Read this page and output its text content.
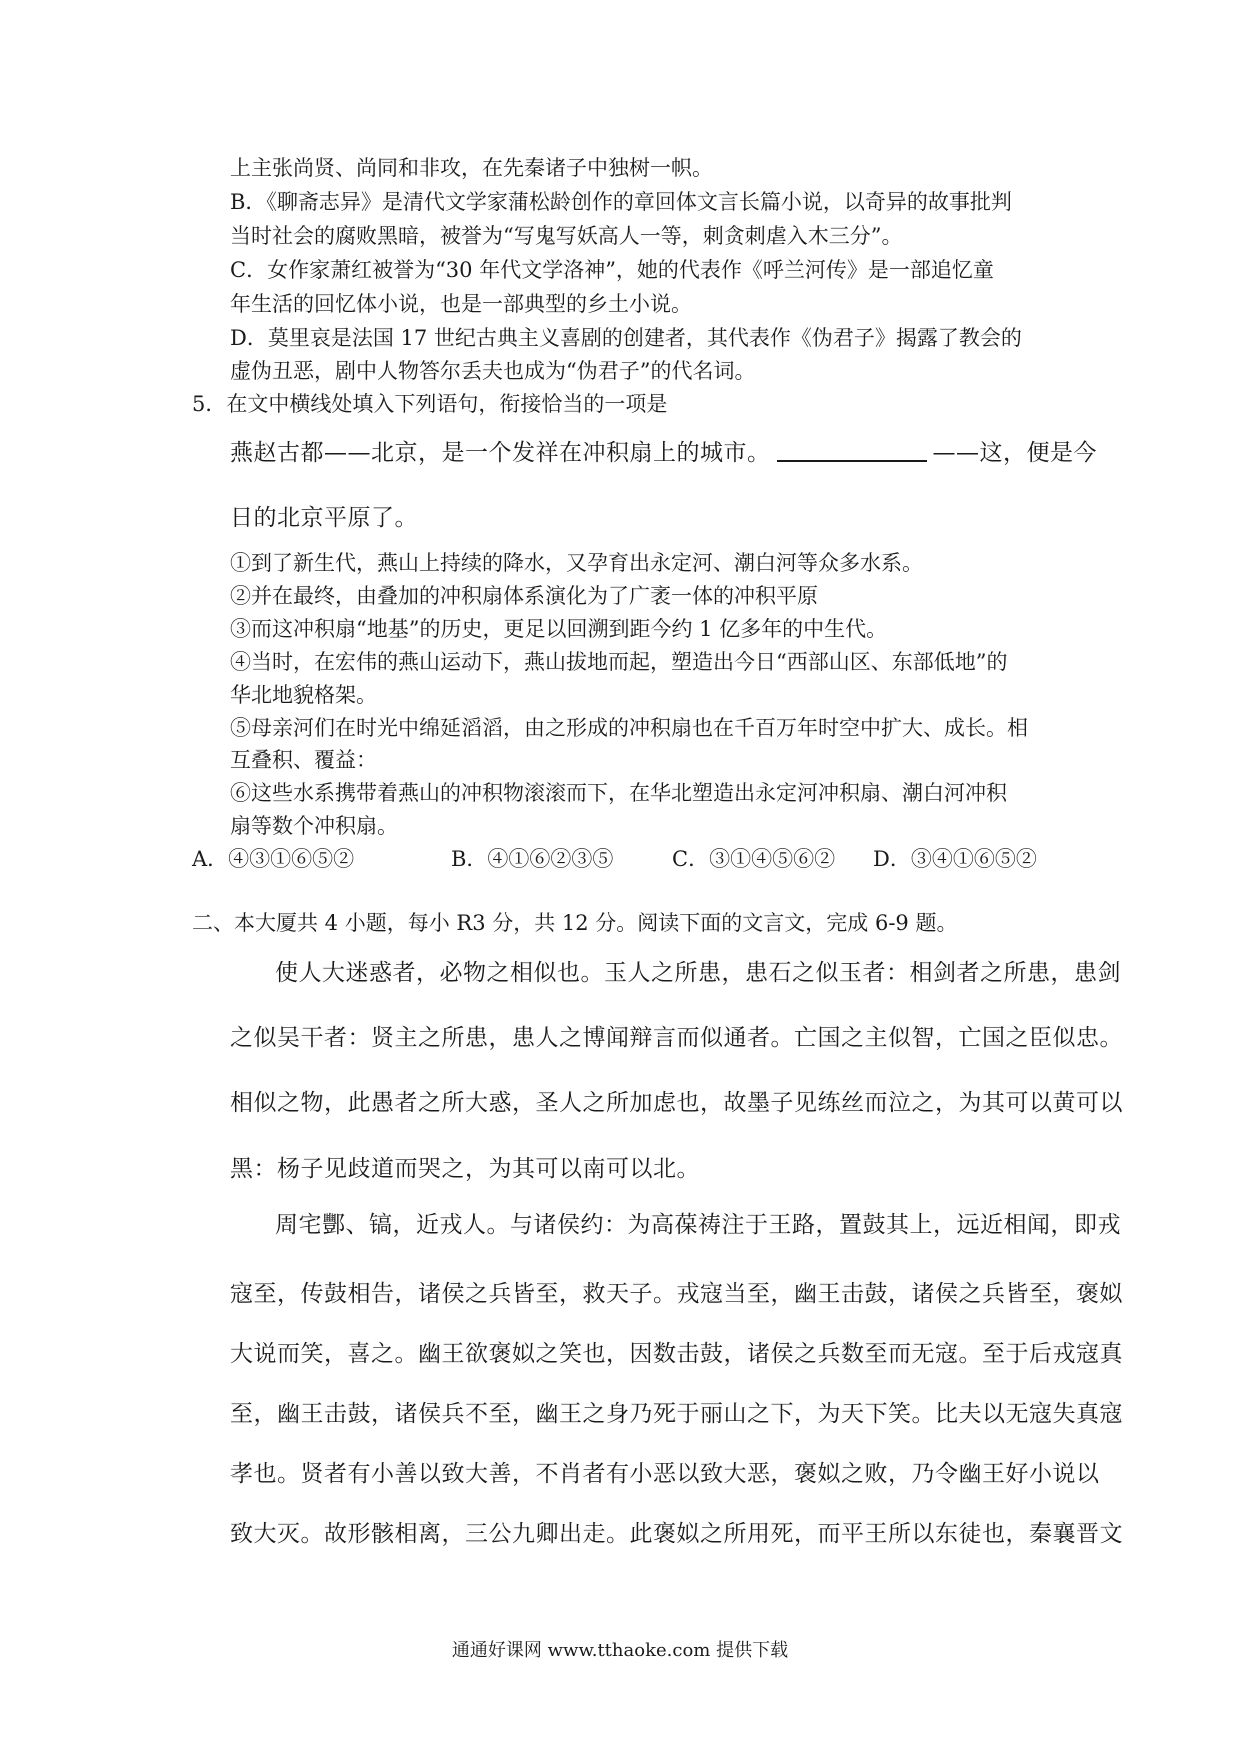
上主张尚贤、尚同和非攻，在先秦诸子中独树一帜。
B．《聊斋志异》是清代文学家蒲松龄创作的章回体文言长篇小说，以奇异的故事批判
当时社会的腐败黑暗，被誉为“写鬼写妖高人一等，刺贪刺虐入木三分”。
C．女作家萧红被誉为“30 年代文学洛神”，她的代表作《呼兰河传》是一部追忆童
年生活的回忆体小说，也是一部典型的乡土小说。
D．莫里哀是法国 17 世纪古典主义喜剧的创建者，其代表作《伪君子》揭露了教会的
虚伪丑恶，剧中人物答尔丢夫也成为“伪君子”的代名词。
5．在文中横线处填入下列语句，衔接恰当的一项是
燕赵古都——北京，是一个发祥在冲积扇上的城市。	——这，便是今
日的北京平原了。
①到了新生代，燕山上持续的降水，又孕育出永定河、潮白河等众多水系。
②并在最终，由叠加的冲积扇体系演化为了广袤一体的冲积平原
③而这冲积扇“地基”的历史，更足以回溯到距今约 1 亿多年的中生代。
④当时，在宏伟的燕山运动下，燕山拔地而起，塑造出今日“西部山区、东部低地”的
华北地貌格架。
⑤母亲河们在时光中绵延滔滔，由之形成的冲积扇也在千百万年时空中扩大、成长。相
互叠积、覆益：
⑥这些水系携带着燕山的冲积物滚滚而下，在华北塑造出永定河冲积扇、潮白河冲积
扇等数个冲积扇。
A．④③①⑥⑤②	B．④①⑥②③⑤	C．③①④⑤⑥② D．③④①⑥⑤②
二、本大厦共 4 小题，每小 R3 分，共 12 分。阅读下面的文言文，完成 6-9 题。
使人大迷惑者，必物之相似也。玉人之所患，患石之似玉者：相剑者之所患，患剑
之似吴干者：贤主之所患，患人之博闻辩言而似通者。亡国之主似智，亡国之臣似忠。
相似之物，此愚者之所大惑，圣人之所加虑也，故墨子见练丝而泣之，为其可以黄可以
黑：杨子见歧道而哭之，为其可以南可以北。
周宅酆、镐，近戎人。与诸侯约：为高葆祷注于王路，置鼓其上，远近相闻，即戎
寇至，传鼓相告，诸侯之兵皆至，救天子。戎寇当至，幽王击鼓，诸侯之兵皆至，褒姒
大说而笑，喜之。幽王欲褒姒之笑也，因数击鼓，诸侯之兵数至而无寇。至于后戎寇真
至，幽王击鼓，诸侯兵不至，幽王之身乃死于丽山之下，为天下笑。比夫以无寇失真寇
孝也。贤者有小善以致大善，不肖者有小恶以致大恶，褒姒之败，乃令幽王好小说以
致大灭。故形骸相离，三公九卿出走。此褒姒之所用死，而平王所以东徒也，秦襄晋文
通通好课网 www.tthaoke.com 提供下载
